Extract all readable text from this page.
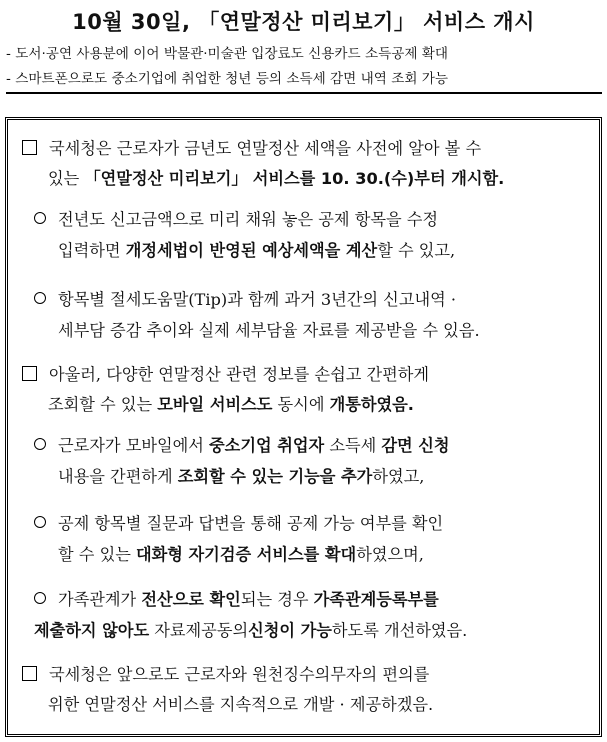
10월 30일, 「연말정산 미리보기」 서비스 개시
- 도서·공연 사용분에 이어 박물관·미술관 입장료도 신용카드 소득공제 확대
- 스마트폰으로도 중소기업에 취업한 청년 등의 소득세 감면 내역 조회 가능
국세청은 근로자가 금년도 연말정산 세액을 사전에 알아 볼 수
있는 「연말정산 미리보기」 서비스를 10. 30.(수)부터 개시함.
전년도 신고금액으로 미리 채워 놓은 공제 항목을 수정
입력하면 개정세법이 반영된 예상세액을 계산할 수 있고,
항목별 절세도움말(Tip)과 함께 과거 3년간의 신고내역 ·
세부담 증감 추이와 실제 세부담율 자료를 제공받을 수 있음.
아울러, 다양한 연말정산 관련 정보를 손쉽고 간편하게
조회할 수 있는 모바일 서비스도 동시에 개통하였음.
근로자가 모바일에서 중소기업 취업자 소득세 감면 신청
내용을 간편하게 조회할 수 있는 기능을 추가하였고,
공제 항목별 질문과 답변을 통해 공제 가능 여부를 확인
할 수 있는 대화형 자기검증 서비스를 확대하였으며,
가족관계가 전산으로 확인되는 경우 가족관계등록부를
제출하지 않아도 자료제공동의신청이 가능하도록 개선하였음.
국세청은 앞으로도 근로자와 원천징수의무자의 편의를
위한 연말정산 서비스를 지속적으로 개발 · 제공하겠음.
